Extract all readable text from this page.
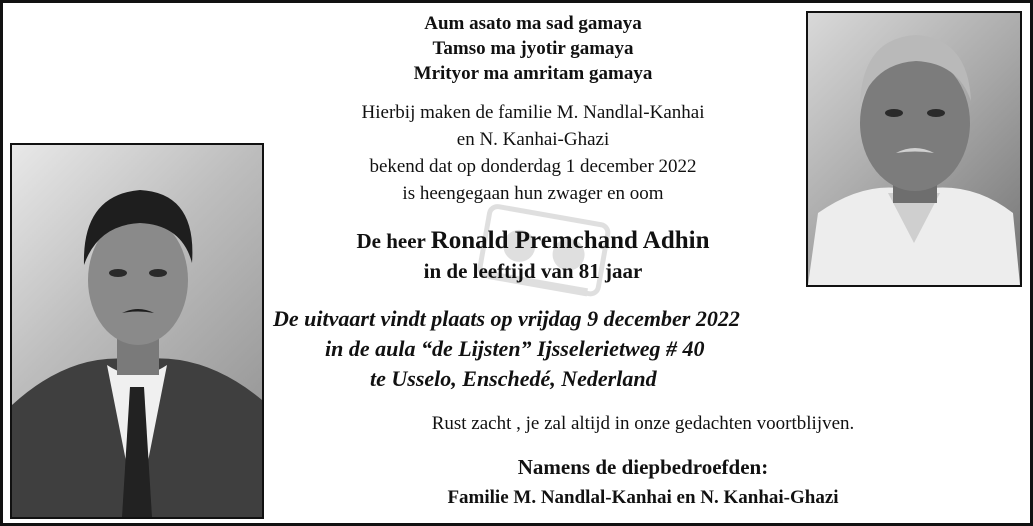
Aum asato ma sad gamaya
Tamso ma jyotir gamaya
Mrityor ma amritam gamaya
Hierbij maken de familie M. Nandlal-Kanhai
en N. Kanhai-Ghazi
bekend dat op donderdag 1 december 2022
is heengegaan hun zwager en oom
De heer Ronald Premchand Adhin
in de leeftijd van 81 jaar
De uitvaart vindt plaats op vrijdag 9 december 2022
in de aula “de Lijsten” Ijsselerietweg # 40
te Usselo, Enschedé, Nederland
Rust zacht , je zal altijd in onze gedachten voortblijven.
Namens de diepbedroefden:
Familie M. Nandlal-Kanhai en N. Kanhai-Ghazi
